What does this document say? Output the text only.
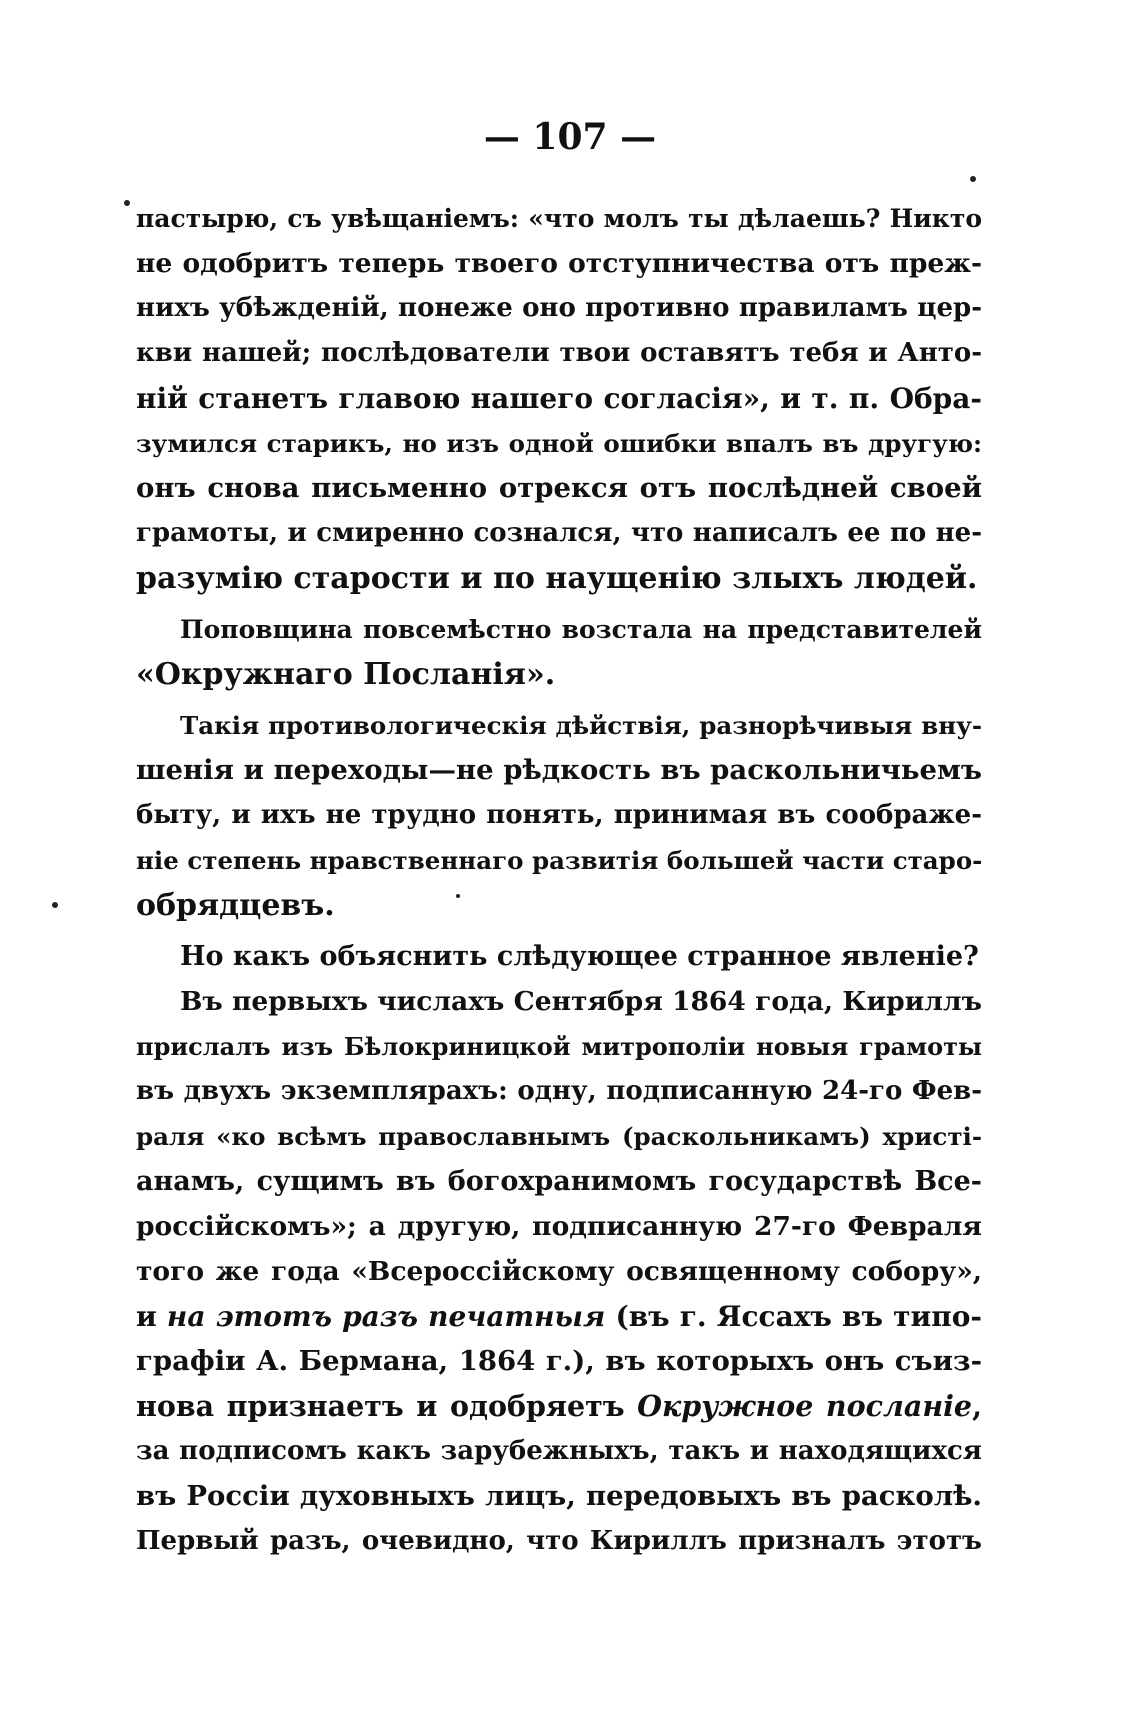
— 107 —
пастырю, съ увѣщаніемъ: «что молъ ты дѣлаешь? Никто
не одобритъ теперь твоего отступничества отъ преж-
нихъ убѣжденій, понеже оно противно правиламъ цер-
кви нашей; послѣдователи твои оставятъ тебя и Анто-
ній станетъ главою нашего согласія», и т. п. Обра-
зумился старикъ, но изъ одной ошибки впалъ въ другую:
онъ снова письменно отрекся отъ послѣдней своей
грамоты, и смиренно сознался, что написалъ ее по не-
разумію старости и по наущенію злыхъ людей.
Поповщина повсемѣстно возстала на представителей
«Окружнаго Посланія».
Такія противологическія дѣйствія, разнорѣчивыя вну-
шенія и переходы—не рѣдкость въ раскольничьемъ
быту, и ихъ не трудно понять, принимая въ соображе-
ніе степень нравственнаго развитія большей части старо-
обрядцевъ.
Но какъ объяснить слѣдующее странное явленіе?
Въ первыхъ числахъ Сентября 1864 года, Кириллъ
прислалъ изъ Бѣлокриницкой митрополіи новыя грамоты
въ двухъ экземплярахъ: одну, подписанную 24-го Фев-
раля «ко всѣмъ православнымъ (раскольникамъ) христі-
анамъ, сущимъ въ богохранимомъ государствѣ Все-
россійскомъ»; а другую, подписанную 27-го Февраля
того же года «Всероссійскому освященному собору»,
и на этотъ разъ печатныя (въ г. Яссахъ въ типо-
графіи А. Бермана, 1864 г.), въ которыхъ онъ съиз-
нова признаетъ и одобряетъ Окружное посланіе,
за подписомъ какъ зарубежныхъ, такъ и находящихся
въ Россіи духовныхъ лицъ, передовыхъ въ расколѣ.
Первый разъ, очевидно, что Кириллъ призналъ этотъ
